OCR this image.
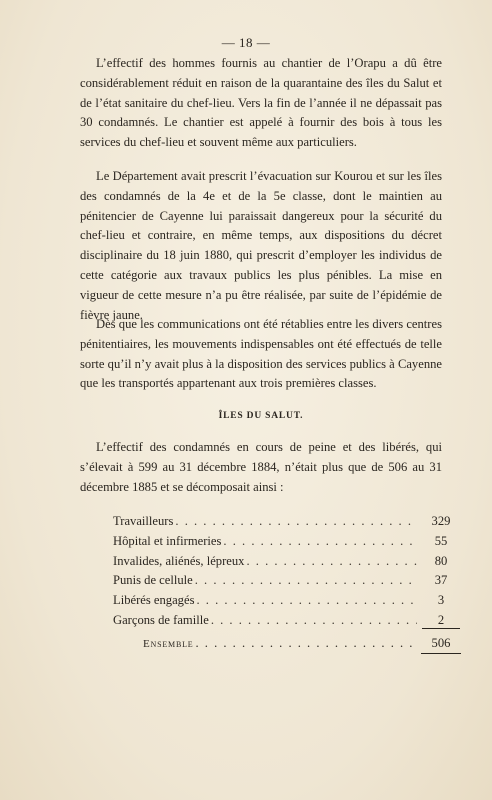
— 18 —

L’effectif des hommes fournis au chantier de l’Orapu a dû être considérablement réduit en raison de la quarantaine des îles du Salut et de l’état sanitaire du chef-lieu. Vers la fin de l’année il ne dépassait pas 30 condamnés. Le chantier est appelé à fournir des bois à tous les services du chef-lieu et souvent même aux particuliers.

Le Département avait prescrit l’évacuation sur Kourou et sur les îles des condamnés de la 4e et de la 5e classe, dont le maintien au pénitencier de Cayenne lui paraissait dangereux pour la sécurité du chef-lieu et contraire, en même temps, aux dispositions du décret disciplinaire du 18 juin 1880, qui prescrit d’employer les individus de cette catégorie aux travaux publics les plus pénibles. La mise en vigueur de cette mesure n’a pu être réalisée, par suite de l’épidémie de fièvre jaune.

Dès que les communications ont été rétablies entre les divers centres pénitentiaires, les mouvements indispensables ont été effectués de telle sorte qu’il n’y avait plus à la disposition des services publics à Cayenne que les transportés appartenant aux trois premières classes.

ÎLES DU SALUT.

L’effectif des condamnés en cours de peine et des libérés, qui s’élevait à 599 au 31 décembre 1884, n’était plus que de 506 au 31 décembre 1885 et se décomposait ainsi :

Travailleurs . . .	329
Hôpital et infirmeries . . .	55
Invalides, aliénés, lépreux . . .	80
Punis de cellule . . .	37
Libérés engagés . . .	3
Garçons de famille . . .	2
Ensemble . . .	506
